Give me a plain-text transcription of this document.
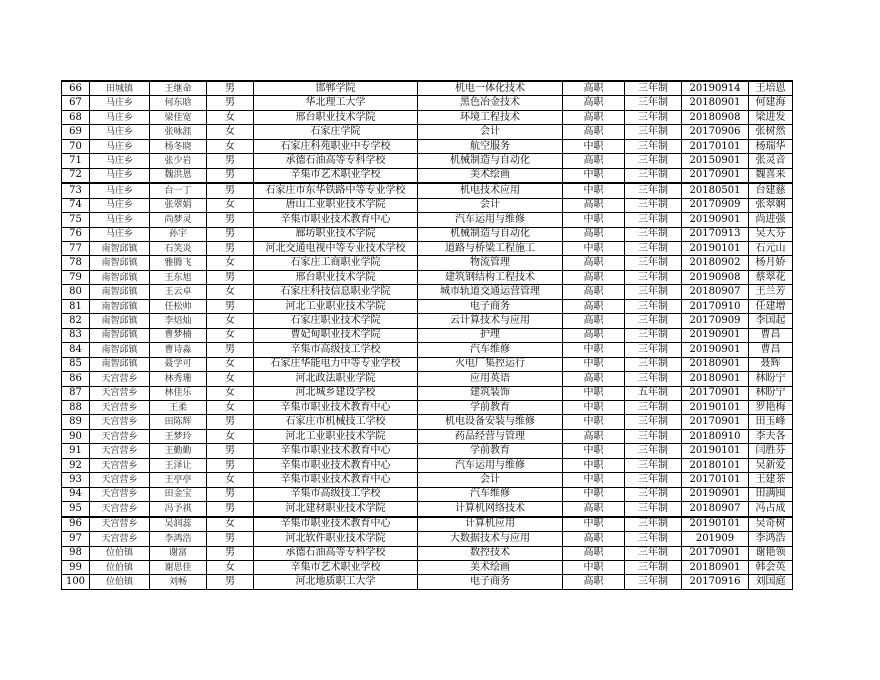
66	田城镇	王继命	男	邯郸学院	机电一体化技术	高职	三年制	20190914	王培恩
67	马庄乡	何东晗	男	华北理工大学	黑色冶金技术	高职	三年制	20180901	何建海
68	马庄乡	梁佳宽	女	邢台职业技术学院	环境工程技术	高职	三年制	20180908	梁进发
69	马庄乡	张咏涯	女	石家庄学院	会计	高职	三年制	20170906	张树然
70	马庄乡	杨冬晓	女	石家庄科苑职业中专学校	航空服务	中职	三年制	20170101	杨瑞华
71	马庄乡	张少岩	男	承德石油高等专科学校	机械制造与自动化	高职	三年制	20150901	张灵音
72	马庄乡	魏洪恩	男	辛集市艺术职业学校	美术绘画	中职	三年制	20170901	魏喜来
73	马庄乡	台一丁	男	石家庄市东华铁路中等专业学校	机电技术应用	中职	三年制	20180501	台建慈
74	马庄乡	张翠娟	女	唐山工业职业技术学院	会计	高职	三年制	20170909	张翠娴
75	马庄乡	尚梦灵	男	辛集市职业技术教育中心	汽车运用与维修	中职	三年制	20190901	尚进强
76	马庄乡	孙宇	男	廊坊职业技术学院	机械制造与自动化	高职	三年制	20170913	吴大芬
77	南智邱镇	石笑炎	男	河北交通电视中等专业技术学校	道路与桥梁工程施工	中职	三年制	20190101	石元山
78	南智邱镇	雅腾飞	女	石家庄工商职业学院	物流管理	高职	三年制	20180902	杨月娇
79	南智邱镇	王东旭	男	邢台职业技术学院	建筑钢结构工程技术	高职	三年制	20190908	蔡翠花
80	南智邱镇	王云卓	女	石家庄科技信息职业学院	城市轨道交通运营管理	高职	三年制	20180907	王兰芳
81	南智邱镇	任松帅	男	河北工业职业技术学院	电子商务	高职	三年制	20170910	任建增
82	南智邱镇	李焙灿	女	石家庄职业技术学院	云计算技术与应用	高职	三年制	20170909	李国起
83	南智邱镇	曹梦楠	女	曹妃甸职业技术学院	护理	高职	三年制	20190901	曹昌
84	南智邱镇	曹诗淼	男	辛集市高级技工学校	汽车维修	中职	三年制	20190901	曹昌
85	南智邱镇	聂学可	女	石家庄华能电力中等专业学校	火电厂集控运行	中职	三年制	20180901	聂辉
86	天宫营乡	林秀珊	女	河北政法职业学院	应用英语	高职	三年制	20180901	林盼宁
87	天宫营乡	林佳乐	女	河北城乡建设学校	建筑装饰	中职	五年制	20170901	林盼宁
88	天宫营乡	王柔	女	辛集市职业技术教育中心	学前教育	中职	三年制	20190101	罗艳梅
89	天宫营乡	田陈辉	男	石家庄市机械技工学校	机电设备安装与维修	中职	三年制	20170901	田玉峰
90	天宫营乡	王梦玲	女	河北工业职业技术学院	药品经营与管理	高职	三年制	20180910	李夫各
91	天宫营乡	王勤勤	男	辛集市职业技术教育中心	学前教育	中职	三年制	20190101	闫胜芬
92	天宫营乡	王泽让	男	辛集市职业技术教育中心	汽车运用与维修	中职	三年制	20180101	吴新爱
93	天宫营乡	王亭亭	女	辛集市职业技术教育中心	会计	中职	三年制	20170101	王建茶
94	天宫营乡	田金宝	男	辛集市高级技工学校	汽车维修	中职	三年制	20190901	田满囤
95	天宫营乡	冯予祺	男	河北建材职业技术学院	计算机网络技术	高职	三年制	20180907	冯占成
96	天宫营乡	吴润蕊	女	辛集市职业技术教育中心	计算机应用	中职	三年制	20190101	吴奇树
97	天宫营乡	李鸿浩	男	河北软件职业技术学院	大数据技术与应用	高职	三年制	201909	李鸿浩
98	位伯镇	谢富	男	承德石油高等专科学校	数控技术	高职	三年制	20170901	谢艳领
99	位伯镇	谢思佳	女	辛集市艺术职业学校	美术绘画	中职	三年制	20180901	韩会英
100	位伯镇	刘畅	男	河北地质职工大学	电子商务	高职	三年制	20170916	刘国庭
